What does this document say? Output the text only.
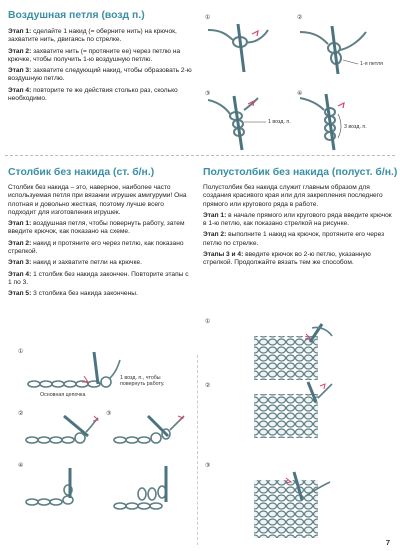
Воздушная петля (возд п.)

Этап 1: сделайте 1 накид (= оберните нить) на крючок, захватите нить, двигаясь по стрелке.

Этап 2: захватите нить (= протяните ее) через петлю на крючке, чтобы получить 1-ю воздушную петлю.

Этап 3: захватите следующий накид, чтобы образовать 2-ю воздушную петлю.

Этап 4: повторите те же действия столько раз, сколько необходимо.

①	②
1-я петля
③
1 возд. п.
④
3 возд. п.
Столбик без накида (ст. б/н.)

Столбик без накида – это, наверное, наиболее часто используемая петля при вязании игрушек амигуруми! Она плотная и довольно жесткая, поэтому лучше всего подходит для изготовления игрушек.

Этап 1: воздушная петля, чтобы повернуть работу, затем введите крючок, как показано на схеме.

Этап 2: накид и протяните его через петлю, как показано стрелкой.

Этап 3: накид и захватите петли на крючке.

Этап 4: 1 столбик без накида закончен. Повторите этапы с 1 по 3.

Этап 5: 3 столбика без накида закончены.

①
1 возд. п., чтобы повернуть работу.
Основная цепочка
②	③
④
Полустолбик без накида (полуст. б/н.)

Полустолбик без накида служит главным образом для создания красивого края или для закрепления последнего прямого или кругового ряда в работе.

Этап 1: в начале прямого или кругового ряда введите крючок в 1-ю петлю, как показано стрелкой на рисунке.

Этап 2: выполните 1 накид на крючок, протяните его через петлю по стрелке.

Этапы 3 и 4: введите крючок во 2-ю петлю, указанную стрелкой. Продолжайте вязать тем же способом.

①
②
③
7
